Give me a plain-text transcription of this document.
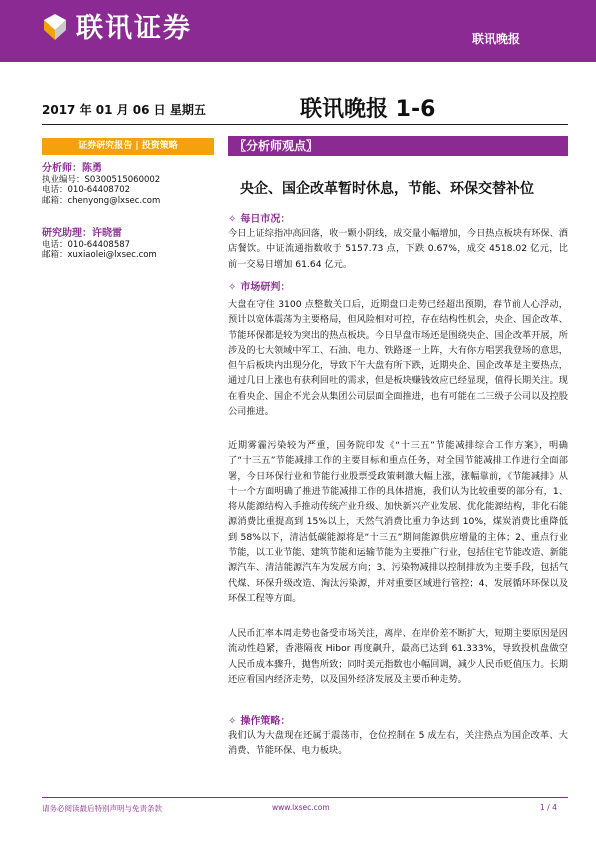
联讯证券	联讯晚报
2017 年 01 月 06 日 星期五	联讯晚报 1-6
证券研究报告 | 投资策略
分析师：陈勇
执业编号：S0300515060002
电话：010-64408702
邮箱：chenyong@lxsec.com
研究助理：许晓雷
电话：010-64408587
邮箱：xuxiaolei@lxsec.com
〖分析师观点〗
央企、国企改革暂时休息，节能、环保交替补位
✧ 每日市况：
今日上证综指冲高回落，收一颗小阴线，成交量小幅增加，今日热点板块有环保、酒店餐饮。中证流通指数收于 5157.73 点，下跌 0.67%，成交 4518.02 亿元，比前一交易日增加 61.64 亿元。
✧ 市场研判：
大盘在守住 3100 点整数关口后，近期盘口走势已经超出预期，春节前人心浮动，预计以宽体震荡为主要格局，但风险相对可控，存在结构性机会，央企、国企改革、节能环保都是较为突出的热点板块。今日早盘市场还是围绕央企、国企改革开展，所涉及的七大领域中军工、石油、电力、铁路逐一上阵，大有你方唱罢我登场的意思，但午后板块内出现分化，导致下午大盘有所下跌，近期央企、国企改革是主要热点，通过几日上涨也有获利回吐的需求，但是板块赚钱效应已经显现，值得长期关注。现在看央企、国企不光会从集团公司层面全面推进，也有可能在二三级子公司以及控股公司推进。
近期雾霾污染较为严重，国务院印发《“十三五”节能减排综合工作方案》，明确了“十三五”节能减排工作的主要目标和重点任务，对全国节能减排工作进行全面部署，今日环保行业和节能行业股票受政策刺激大幅上涨，涨幅靠前，《节能减排》从十一个方面明确了推进节能减排工作的具体措施，我们认为比较重要的部分有，1、将从能源结构入手推动传统产业升级、加快新兴产业发展、优化能源结构，非化石能源消费比重提高到 15%以上，天然气消费比重力争达到 10%，煤炭消费比重降低到 58%以下，清洁低碳能源将是“十三五”期间能源供应增量的主体；2、重点行业节能，以工业节能、建筑节能和运输节能为主要推广行业，包括住宅节能改造、新能源汽车、清洁能源汽车为发展方向；3、污染物减排以控制排放为主要手段，包括气代煤、环保升级改造、淘汰污染源，并对重要区域进行管控；4、发展循环环保以及环保工程等方面。
人民币汇率本周走势也备受市场关注，离岸、在岸价差不断扩大，短期主要原因是因流动性趋紧，香港隔夜 Hibor 再度飙升，最高已达到 61.333%，导致投机盘做空人民币成本骤升，抛售所致；同时美元指数也小幅回调，减少人民币贬值压力。长期还应看国内经济走势，以及国外经济发展及主要币种走势。
✧ 操作策略：
我们认为大盘现在还属于震荡市，仓位控制在 5 成左右，关注热点为国企改革、大消费、节能环保、电力板块。
请务必阅读最后特别声明与免责条款	www.lxsec.com	1 / 4
